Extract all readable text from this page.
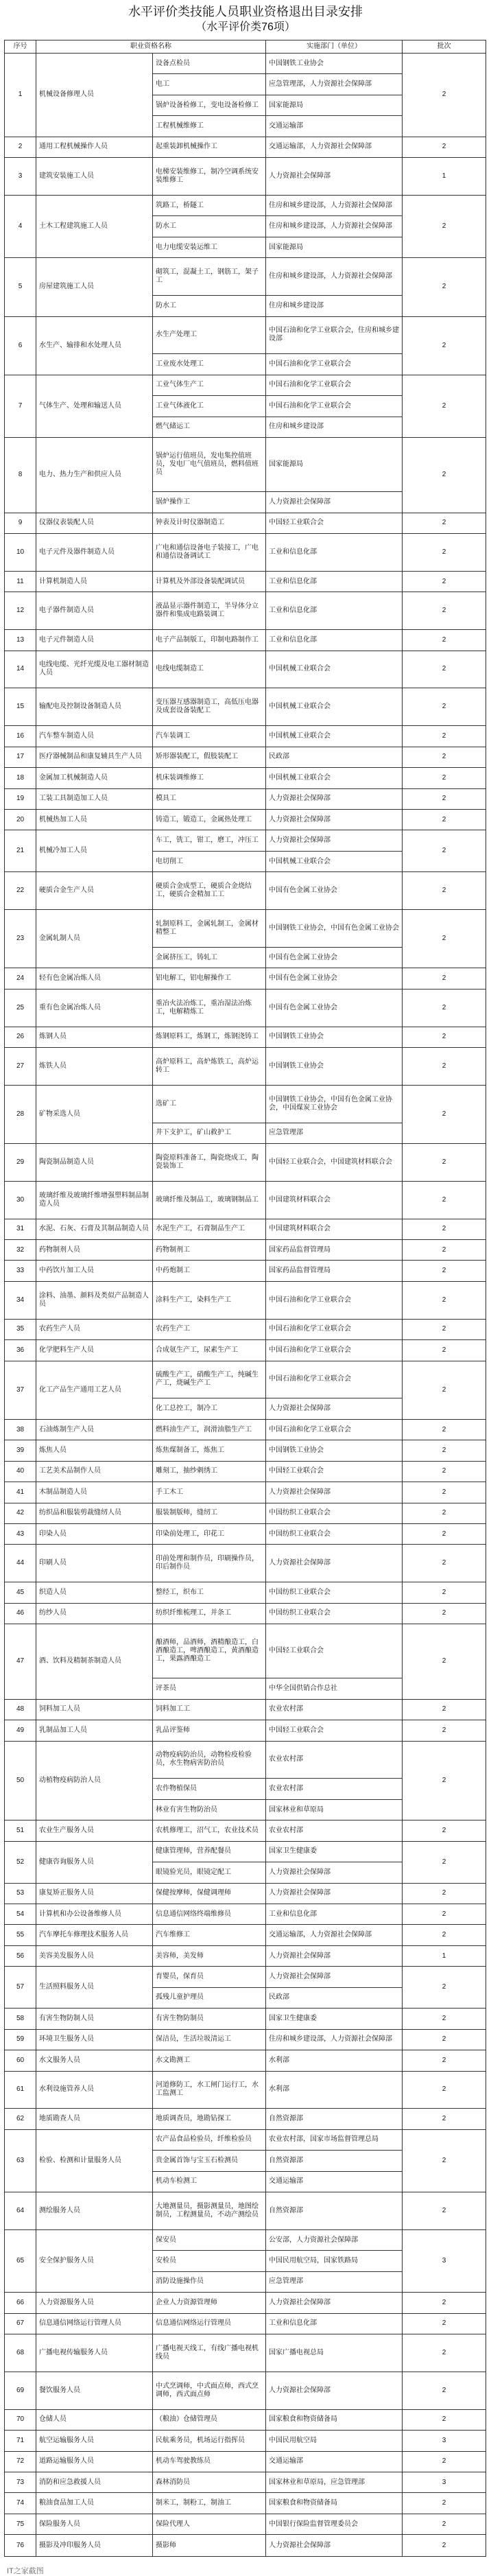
水平评价类技能人员职业资格退出目录安排
（水平评价类76项）
序号	职业资格名称		实施部门（单位）	批次
1	机械设备修理人员	设备点检员	中国钢铁工业协会	2
		电工	应急管理部，人力资源社会保障部	
		锅炉设备检修工，变电设备检修工	国家能源局	
		工程机械维修工	交通运输部	
2	通用工程机械操作人员	起重装卸机械操作工	交通运输部，人力资源社会保障部	2
3	建筑安装施工人员	电梯安装维修工，制冷空调系统安装维修工	人力资源社会保障部	1
4	土木工程建筑施工人员	筑路工，桥隧工	住房和城乡建设部，人力资源社会保障部	2
		防水工	住房和城乡建设部，人力资源社会保障部	
		电力电缆安装运维工	国家能源局	
5	房屋建筑施工人员	砌筑工，混凝土工，钢筋工，架子工	住房和城乡建设部，人力资源社会保障部	2
		防水工	住房和城乡建设部	
6	水生产、输排和水处理人员	水生产处理工	中国石油和化学工业联合会，住房和城乡建设部	2
		工业废水处理工	中国石油和化学工业联合会	
7	气体生产、处理和输送人员	工业气体生产工	中国石油和化学工业联合会	2
		工业气体液化工	中国石油和化学工业联合会	
		燃气储运工	住房和城乡建设部	
8	电力、热力生产和供应人员	锅炉运行值班员，发电集控值班员，发电厂电气值班员，燃料值班员	国家能源局	2
		锅炉操作工	人力资源社会保障部	
9	仪器仪表装配人员	钟表及计时仪器制造工	中国轻工业联合会	2
10	电子元件及器件制造人员	广电和通信设备电子装接工，广电和通信设备调试工	工业和信息化部	2
11	计算机制造人员	计算机及外部设备装配调试员	工业和信息化部	2
12	电子器件制造人员	液晶显示器件制造工，半导体分立器件和集成电路装调工	工业和信息化部	2
13	电子元件制造人员	电子产品制版工，印制电路制作工	工业和信息化部	2
14	电线电缆、光纤光缆及电工器材制造人员	电线电缆制造工	中国机械工业联合会	2
15	输配电及控制设备制造人员	变压器互感器制造工，高低压电器及成套设备装配工	中国机械工业联合会	2
16	汽车整车制造人员	汽车装调工	中国机械工业联合会	2
17	医疗器械制品和康复辅具生产人员	矫形器装配工，假肢装配工	民政部	2
18	金属加工机械制造人员	机床装调维修工	中国机械工业联合会	2
19	工装工具制造加工人员	模具工	人力资源社会保障部	2
20	机械热加工人员	铸造工，锻造工，金属热处理工	人力资源社会保障部	2
21	机械冷加工人员	车工，铣工，钳工，磨工，冲压工	人力资源社会保障部	2
		电切削工	中国机械工业联合会	
22	硬质合金生产人员	硬质合金成型工，硬质合金烧结工，硬质合金精加工工	中国有色金属工业协会	2
23	金属轧制人员	轧制原料工，金属轧制工，金属材精整工	中国钢铁工业协会，中国有色金属工业协会	2
		金属挤压工，铸轧工	中国有色金属工业协会	
24	轻有色金属冶炼人员	铝电解工，铝电解操作工	中国有色金属工业协会	2
25	重有色金属冶炼人员	重冶火法冶炼工，重冶湿法冶炼工，电解精炼工	中国有色金属工业协会	2
26	炼钢人员	炼钢原料工，炼钢工，炼钢浇铸工	中国钢铁工业协会	2
27	炼铁人员	高炉原料工，高炉炼铁工，高炉运转工	中国钢铁工业协会	2
28	矿物采选人员	选矿工	中国钢铁工业协会，中国有色金属工业协会，中国煤炭工业协会	2
		井下支护工，矿山救护工	应急管理部	
29	陶瓷制品制造人员	陶瓷原料准备工，陶瓷烧成工，陶瓷装饰工	中国轻工业联合会，中国建筑材料联合会	2
30	玻璃纤维及玻璃纤维增强塑料制品制造人员	玻璃纤维及制品工，玻璃钢制品工	中国建筑材料联合会	2
31	水泥、石灰、石膏及其制品制造人员	水泥生产工，石膏制品生产工	中国建筑材料联合会	2
32	药物制剂人员	药物制剂工	国家药品监督管理局	2
33	中药饮片加工人员	中药炮制工	国家药品监督管理局	2
34	涂料、油墨、颜料及类似产品制造人员	涂料生产工，染料生产工	中国石油和化学工业联合会	2
35	农药生产人员	农药生产工	中国石油和化学工业联合会	2
36	化学肥料生产人员	合成氨生产工，尿素生产工	中国石油和化学工业联合会	2
37	化工产品生产通用工艺人员	硫酸生产工，硝酸生产工，纯碱生产工，烧碱生产工	中国石油和化学工业联合会	2
		化工总控工，制冷工	人力资源社会保障部	
38	石油炼制生产人员	燃料油生产工，润滑油脂生产工	中国石油和化学工业联合会	2
39	炼焦人员	炼焦煤制备工，炼焦工	中国钢铁工业协会	2
40	工艺美术品制作人员	雕刻工，抽纱刺绣工	中国轻工业联合会	2
41	木制品制造人员	手工木工	人力资源社会保障部	2
42	纺织品和服装剪裁缝纫人员	服装制版师，缝纫工	中国纺织工业联合会	2
43	印染人员	印染前处理工，印花工	中国纺织工业联合会	2
44	印刷人员	印前处理和制作员，印刷操作员，印后制作员	人力资源社会保障部	2
45	织造人员	整经工，织布工	中国纺织工业联合会	2
46	纺纱人员	纺织纤维梳理工，并条工	中国纺织工业联合会	2
47	酒、饮料及精制茶制造人员	酿酒师，品酒师，酒精酿造工，白酒酿造工，啤酒酿造工，黄酒酿造工，果露酒酿造工	中国轻工业联合会	2
		评茶员	中华全国供销合作总社	
48	饲料加工人员	饲料加工工	农业农村部	2
49	乳制品加工人员	乳品评鉴师	中国轻工业联合会	2
50	动植物疫病防治人员	动物疫病防治员，动物检疫检验员，水生物病害防治员	农业农村部	2
		农作物植保员	农业农村部	
		林业有害生物防治员	国家林业和草原局	
51	农业生产服务人员	农机修理工，沼气工，农业技术员	农业农村部	2
52	健康咨询服务人员	健康管理师，营养配餐员	国家卫生健康委	2
		眼镜验光员，眼镜定配工	人力资源社会保障部	
53	康复矫正服务人员	保健按摩师，保健调理师	人力资源社会保障部	2
54	计算机和办公设备维修人员	信息通信网络终端维修员	工业和信息化部	2
55	汽车摩托车修理技术服务人员	汽车维修工	交通运输部，人力资源社会保障部	2
56	美容美发服务人员	美容师，美发师	人力资源社会保障部	1
57	生活照料服务人员	育婴员，保育员	人力资源社会保障部	2
		孤残儿童护理员	民政部	
58	有害生物防制人员	有害生物防制员	国家卫生健康委	2
59	环境卫生服务人员	保洁员，生活垃圾清运工	住房和城乡建设部，人力资源社会保障部	2
60	水文服务人员	水文勘测工	水利部	2
61	水利设施管养人员	河道修防工，水工闸门运行工，水工监测工	水利部	2
62	地质勘查人员	地质调查员，地勘钻探工	自然资源部	2
63	检验、检测和计量服务人员	农产品食品检验员，纤维检验员	农业农村部，国家市场监督管理总局	2
		贵金属首饰与宝玉石检测员	自然资源部	
		机动车检测工	交通运输部	
64	测绘服务人员	大地测量员，摄影测量员，地图绘制员，工程测量员，不动产测绘员	自然资源部	2
65	安全保护服务人员	保安员	公安部，人力资源社会保障部	3
		安检员	中国民用航空局，国家铁路局	
		消防设施操作员	应急管理部	
66	人力资源服务人员	企业人力资源管理师	人力资源社会保障部	2
67	信息通信网络运行管理人员	信息通信网络运行管理员	工业和信息化部	2
68	广播电视传输服务人员	广播电视天线工，有线广播电视机线员	国家广播电视总局	2
69	餐饮服务人员	中式烹调师，中式面点师，西式烹调师，西式面点师	人力资源社会保障部	2
70	仓储人员	（粮油）仓储管理员	国家粮食和物资储备局	2
71	航空运输服务人员	民航乘务员，机场运行指挥员	中国民用航空局	3
72	道路运输服务人员	机动车驾驶教练员	交通运输部	2
73	消防和应急救援人员	森林消防员	国家林业和草原局，应急管理部	3
74	粮油食品加工人员	制米工，制粉工，制油工	国家粮食和物资储备局	2
75	保险服务人员	保险代理人	中国银行保险监督管理委员会	2
76	摄影及冲印服务人员	摄影师	人力资源社会保障部	2
IT之家截图
